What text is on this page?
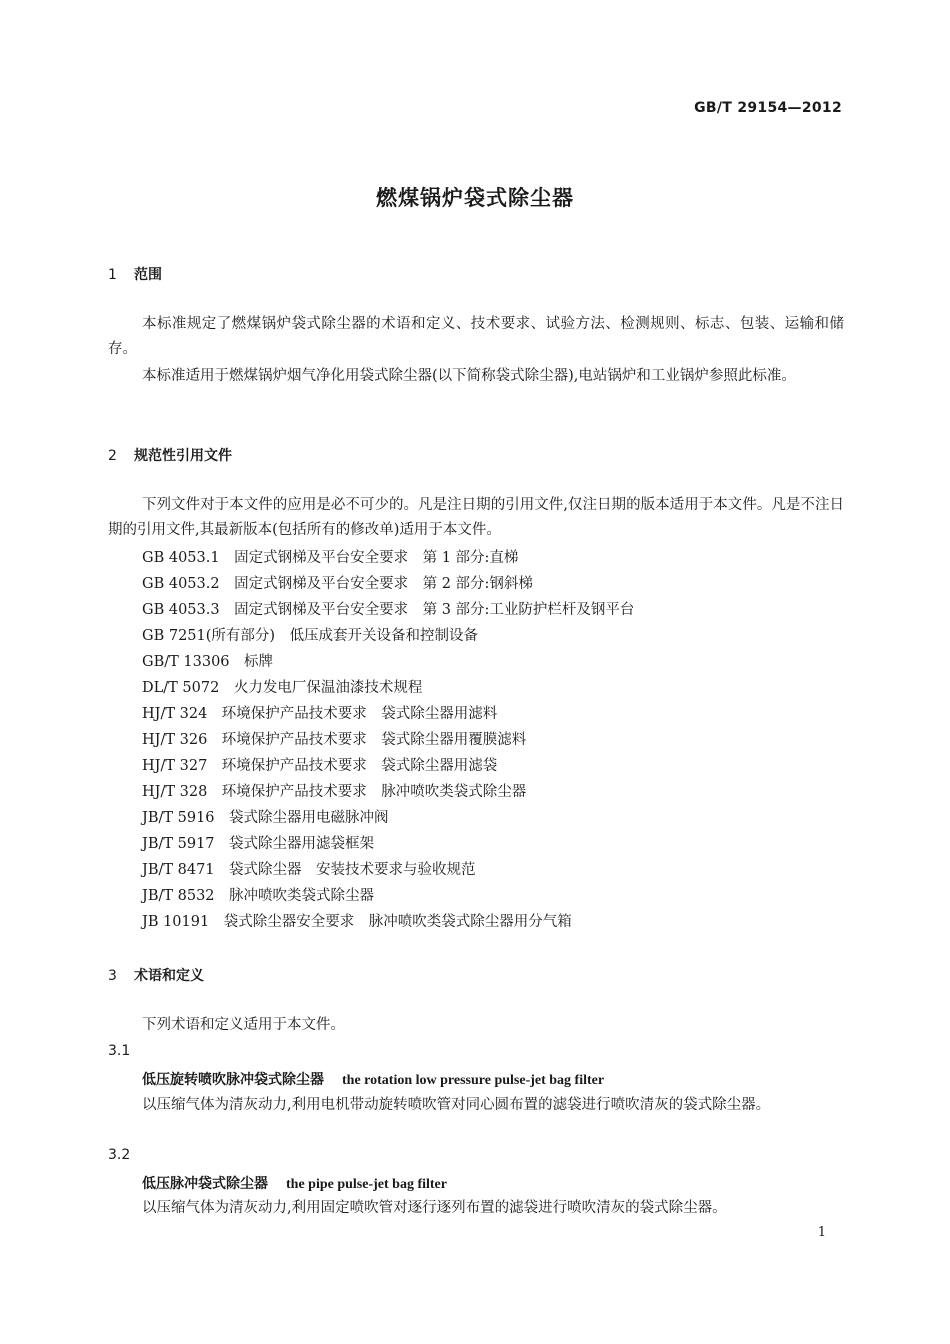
GB/T 29154—2012
燃煤锅炉袋式除尘器
1 范围

本标准规定了燃煤锅炉袋式除尘器的术语和定义、技术要求、试验方法、检测规则、标志、包装、运输和储存。

本标准适用于燃煤锅炉烟气净化用袋式除尘器(以下简称袋式除尘器),电站锅炉和工业锅炉参照此标准。

2 规范性引用文件

下列文件对于本文件的应用是必不可少的。凡是注日期的引用文件,仅注日期的版本适用于本文件。凡是不注日期的引用文件,其最新版本(包括所有的修改单)适用于本文件。

GB 4053.1　固定式钢梯及平台安全要求　第 1 部分:直梯
GB 4053.2　固定式钢梯及平台安全要求　第 2 部分:钢斜梯
GB 4053.3　固定式钢梯及平台安全要求　第 3 部分:工业防护栏杆及钢平台
GB 7251(所有部分)　低压成套开关设备和控制设备
GB/T 13306　标牌
DL/T 5072　火力发电厂保温油漆技术规程
HJ/T 324　环境保护产品技术要求　袋式除尘器用滤料
HJ/T 326　环境保护产品技术要求　袋式除尘器用覆膜滤料
HJ/T 327　环境保护产品技术要求　袋式除尘器用滤袋
HJ/T 328　环境保护产品技术要求　脉冲喷吹类袋式除尘器
JB/T 5916　袋式除尘器用电磁脉冲阀
JB/T 5917　袋式除尘器用滤袋框架
JB/T 8471　袋式除尘器　安装技术要求与验收规范
JB/T 8532　脉冲喷吹类袋式除尘器
JB 10191　袋式除尘器安全要求　脉冲喷吹类袋式除尘器用分气箱
3 术语和定义

下列术语和定义适用于本文件。

3.1
低压旋转喷吹脉冲袋式除尘器 the rotation low pressure pulse-jet bag filter

以压缩气体为清灰动力,利用电机带动旋转喷吹管对同心圆布置的滤袋进行喷吹清灰的袋式除尘器。

3.2
低压脉冲袋式除尘器 the pipe pulse-jet bag filter

以压缩气体为清灰动力,利用固定喷吹管对逐行逐列布置的滤袋进行喷吹清灰的袋式除尘器。

1
